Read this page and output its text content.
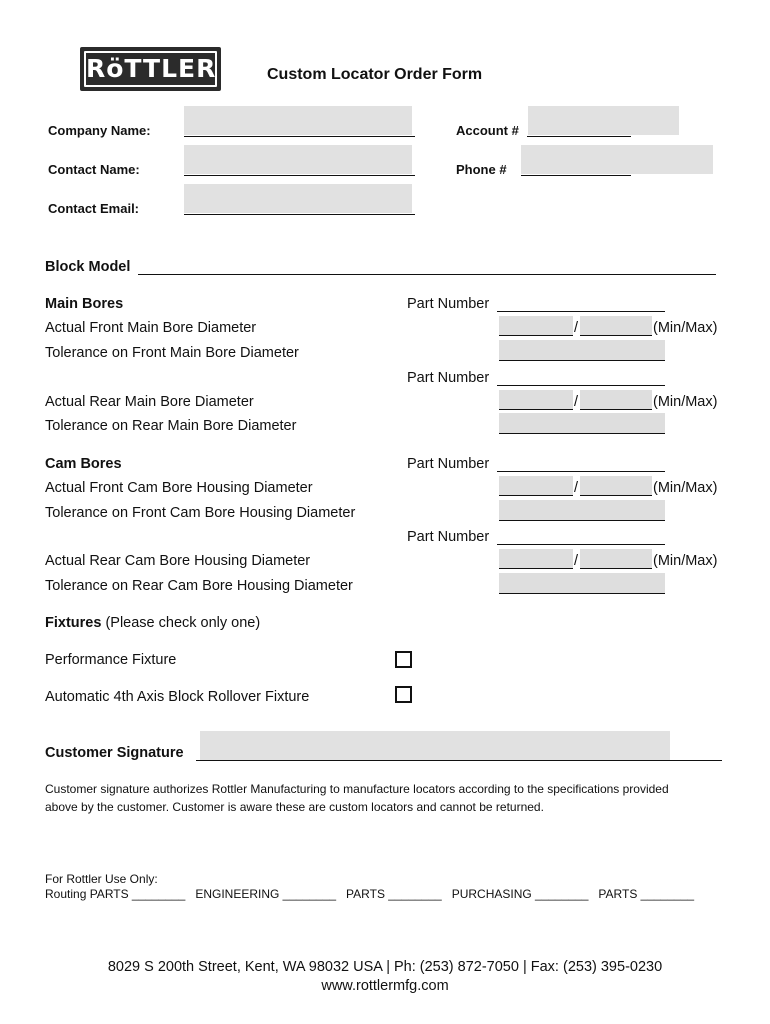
RöTTLER	Custom Locator Order Form
Company Name:
Contact Name:
Contact Email:
Account #
Phone #
Block Model
Main Bores	Part Number
Actual Front Main Bore Diameter	/	(Min/Max)
Tolerance on Front Main Bore Diameter
Part Number
Actual Rear Main Bore Diameter	/	(Min/Max)
Tolerance on Rear Main Bore Diameter
Cam Bores	Part Number
Actual Front Cam Bore Housing Diameter	/	(Min/Max)
Tolerance on Front Cam Bore Housing Diameter
Part Number
Actual Rear Cam Bore Housing Diameter	/	(Min/Max)
Tolerance on Rear Cam Bore Housing Diameter
Fixtures (Please check only one)
Performance Fixture
Automatic 4th Axis Block Rollover Fixture
Customer Signature
Customer signature authorizes Rottler Manufacturing to manufacture locators according to the specifications provided
above by the customer. Customer is aware these are custom locators and cannot be returned.
For Rottler Use Only:
Routing PARTS ________   ENGINEERING ________   PARTS ________   PURCHASING ________   PARTS ________
8029 S 200th Street, Kent, WA 98032 USA | Ph: (253) 872-7050 | Fax: (253) 395-0230
www.rottlermfg.com
